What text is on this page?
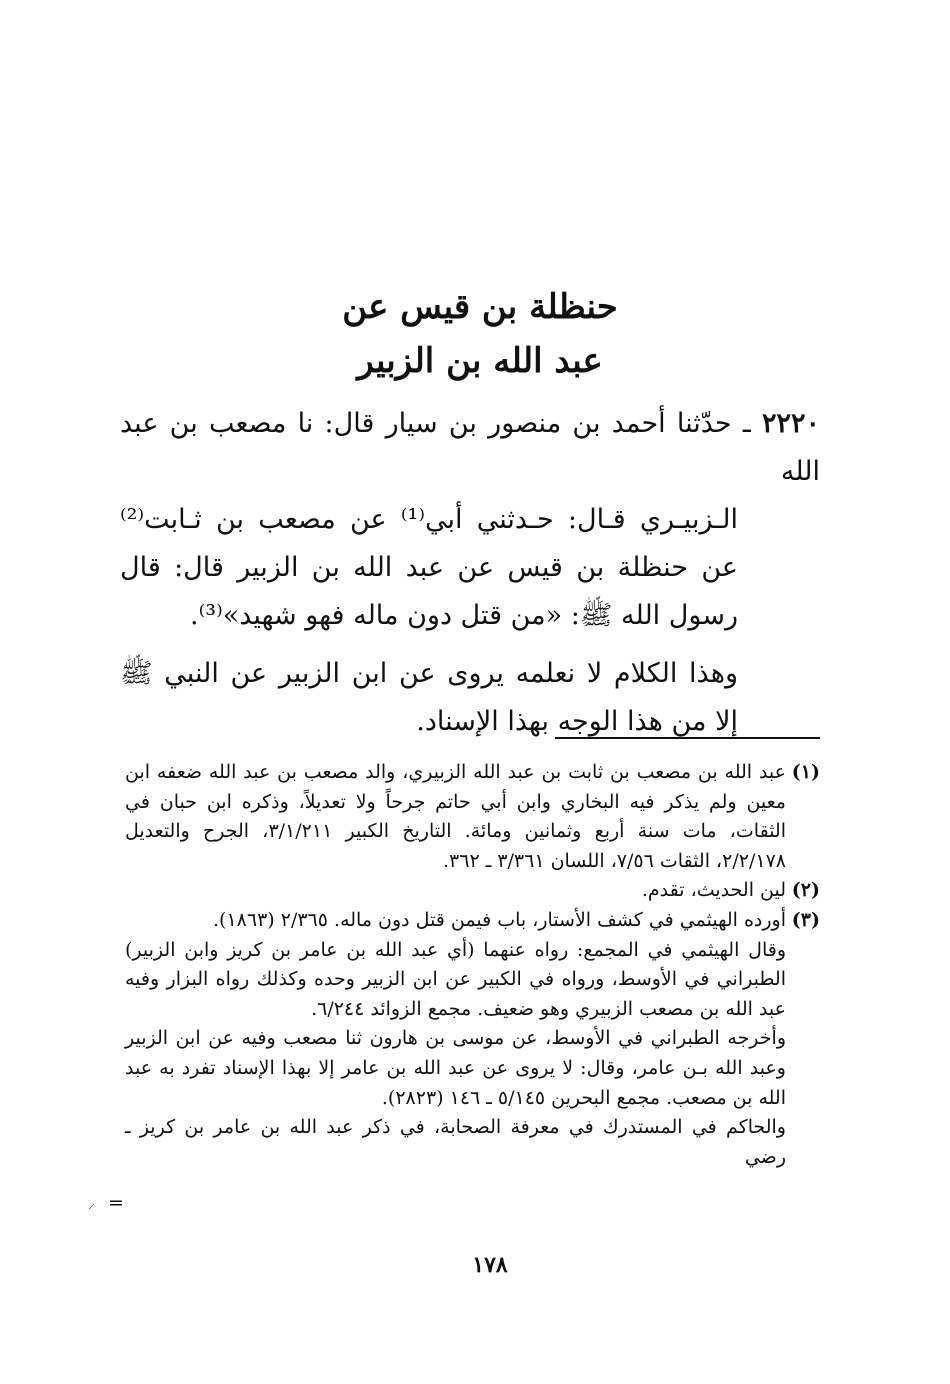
حنظلة بن قيس عن
عبد الله بن الزبير

٢٢٢٠ ـ حدّثنا أحمد بن منصور بن سيار قال: نا مصعب بن عبد الله

الـزبيـري قـال: حـدثني أبي⁽¹⁾ عن مصعب بن ثـابت⁽²⁾ عن حنظلة بن قيس عن عبد الله بن الزبير قال: قال رسول الله ﷺ: «من قتل دون ماله فهو شهيد»⁽³⁾.

وهذا الكلام لا نعلمه يروى عن ابن الزبير عن النبي ﷺ إلا من هذا الوجه بهذا الإسناد.

(١)

عبد الله بن مصعب بن ثابت بن عبد الله الزبيري، والد مصعب بن عبد الله ضعفه ابن معين ولم يذكر فيه البخاري وابن أبي حاتم جرحاً ولا تعديلاً، وذكره ابن حبان في الثقات، مات سنة أربع وثمانين ومائة. التاريخ الكبير ٣/١/٢١١، الجرح والتعديل ٢/٢/١٧٨، الثقات ٧/٥٦، اللسان ٣/٣٦١ ـ ٣٦٢.

(٢)

لين الحديث، تقدم.

(٣)

أورده الهيثمي في كشف الأستار، باب فيمن قتل دون ماله. ٢/٣٦٥ (١٨٦٣).

وقال الهيثمي في المجمع: رواه عنهما (أي عبد الله بن عامر بن كريز وابن الزبير) الطبراني في الأوسط، ورواه في الكبير عن ابن الزبير وحده وكذلك رواه البزار وفيه عبد الله بن مصعب الزبيري وهو ضعيف. مجمع الزوائد ٦/٢٤٤.

وأخرجه الطبراني في الأوسط، عن موسى بن هارون ثنا مصعب وفيه عن ابن الزبير وعبد الله بـن عامر، وقال: لا يروى عن عبد الله بن عامر إلا بهذا الإسناد تفرد به عبد الله بن مصعب. مجمع البحرين ٥/١٤٥ ـ ١٤٦ (٢٨٢٣).

والحاكم في المستدرك في معرفة الصحابة، في ذكر عبد الله بن عامر بن كريز ـ رضي

=
⸝
١٧٨
